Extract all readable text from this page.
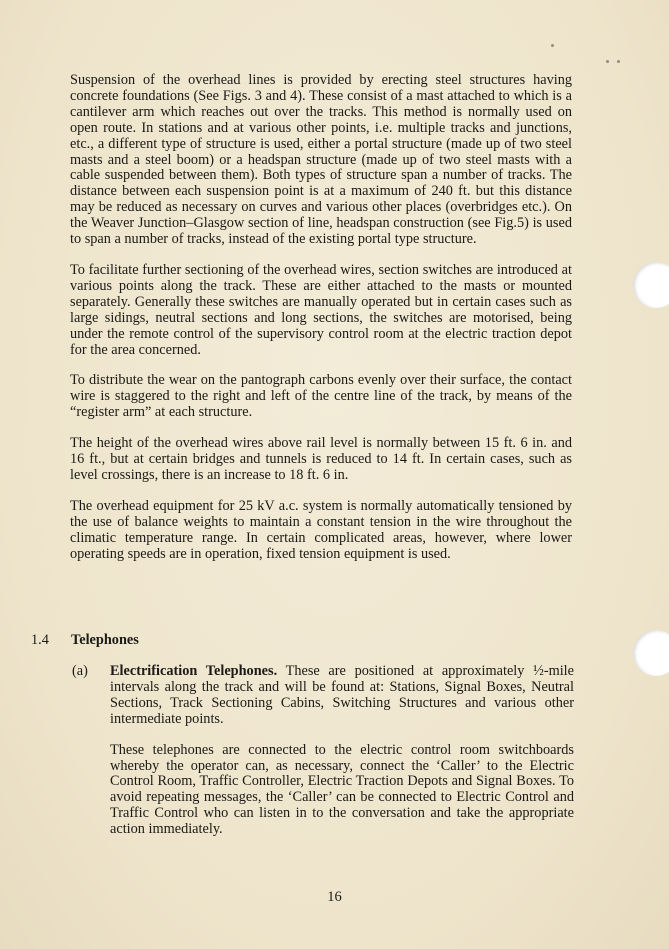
Suspension of the overhead lines is provided by erecting steel structures having concrete foundations (See Figs. 3 and 4). These consist of a mast attached to which is a cantilever arm which reaches out over the tracks. This method is normally used on open route. In stations and at various other points, i.e. multiple tracks and junctions, etc., a different type of structure is used, either a portal structure (made up of two steel masts and a steel boom) or a headspan structure (made up of two steel masts with a cable suspended between them). Both types of structure span a number of tracks. The distance between each suspension point is at a maximum of 240 ft. but this distance may be reduced as necessary on curves and various other places (overbridges etc.). On the Weaver Junction–Glasgow section of line, headspan construction (see Fig.5) is used to span a number of tracks, instead of the existing portal type structure.

To facilitate further sectioning of the overhead wires, section switches are introduced at various points along the track. These are either attached to the masts or mounted separately. Generally these switches are manually operated but in certain cases such as large sidings, neutral sections and long sections, the switches are motorised, being under the remote control of the supervisory control room at the electric traction depot for the area concerned.

To distribute the wear on the pantograph carbons evenly over their surface, the contact wire is staggered to the right and left of the centre line of the track, by means of the “register arm” at each structure.

The height of the overhead wires above rail level is normally between 15 ft. 6 in. and 16 ft., but at certain bridges and tunnels is reduced to 14 ft. In certain cases, such as level crossings, there is an increase to 18 ft. 6 in.

The overhead equipment for 25 kV a.c. system is normally automatically tensioned by the use of balance weights to maintain a constant tension in the wire throughout the climatic temperature range. In certain complicated areas, however, where lower operating speeds are in operation, fixed tension equipment is used.

1.4 Telephones
(a) Electrification Telephones. These are positioned at approximately ½-mile intervals along the track and will be found at: Stations, Signal Boxes, Neutral Sections, Track Sectioning Cabins, Switching Structures and various other intermediate points.

These telephones are connected to the electric control room switchboards whereby the operator can, as necessary, connect the ‘Caller’ to the Electric Control Room, Traffic Controller, Electric Traction Depots and Signal Boxes. To avoid repeating messages, the ‘Caller’ can be connected to Electric Control and Traffic Control who can listen in to the conversation and take the appropriate action immediately.

16
